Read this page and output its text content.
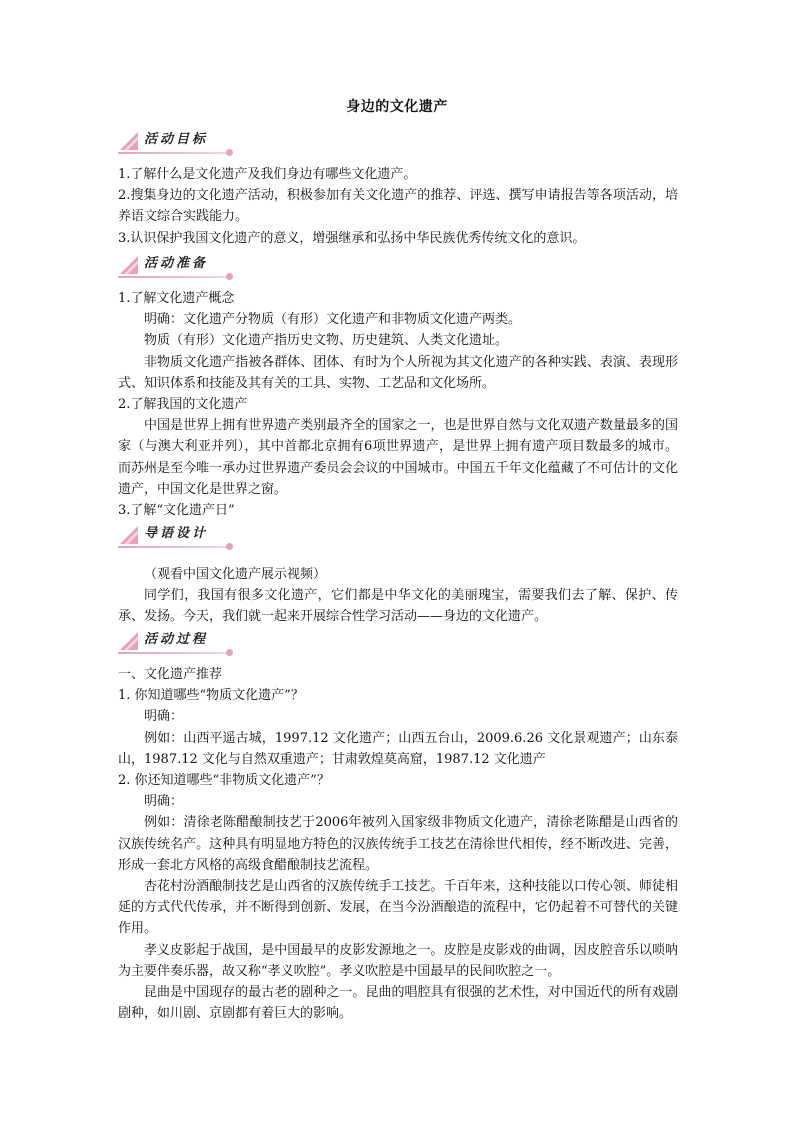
身边的文化遗产
活动目标

1.了解什么是文化遗产及我们身边有哪些文化遗产。

2.搜集身边的文化遗产活动，积极参加有关文化遗产的推荐、评选、撰写申请报告等各项活动，培养语文综合实践能力。

3.认识保护我国文化遗产的意义，增强继承和弘扬中华民族优秀传统文化的意识。

活动准备

1.了解文化遗产概念

明确：文化遗产分物质（有形）文化遗产和非物质文化遗产两类。

物质（有形）文化遗产指历史文物、历史建筑、人类文化遗址。

非物质文化遗产指被各群体、团体、有时为个人所视为其文化遗产的各种实践、表演、表现形式、知识体系和技能及其有关的工具、实物、工艺品和文化场所。

2.了解我国的文化遗产

中国是世界上拥有世界遗产类别最齐全的国家之一，也是世界自然与文化双遗产数量最多的国家（与澳大利亚并列），其中首都北京拥有6项世界遗产，是世界上拥有遗产项目数最多的城市。而苏州是至今唯一承办过世界遗产委员会会议的中国城市。中国五千年文化蕴藏了不可估计的文化遗产，中国文化是世界之窗。

3.了解“文化遗产日”

导语设计

（观看中国文化遗产展示视频）

同学们，我国有很多文化遗产，它们都是中华文化的美丽瑰宝，需要我们去了解、保护、传承、发扬。今天，我们就一起来开展综合性学习活动——身边的文化遗产。

活动过程

一、文化遗产推荐

1. 你知道哪些“物质文化遗产”？

明确：

例如：山西平遥古城，1997.12 文化遗产；山西五台山，2009.6.26 文化景观遗产；山东泰山，1987.12 文化与自然双重遗产；甘肃敦煌莫高窟，1987.12 文化遗产

2. 你还知道哪些“非物质文化遗产”？

明确：

例如：清徐老陈醋酿制技艺于2006年被列入国家级非物质文化遗产，清徐老陈醋是山西省的汉族传统名产。这种具有明显地方特色的汉族传统手工技艺在清徐世代相传，经不断改进、完善，形成一套北方风格的高级食醋酿制技艺流程。

杏花村汾酒酿制技艺是山西省的汉族传统手工技艺。千百年来，这种技能以口传心领、师徒相延的方式代代传承，并不断得到创新、发展，在当今汾酒酿造的流程中，它仍起着不可替代的关键作用。

孝义皮影起于战国，是中国最早的皮影发源地之一。皮腔是皮影戏的曲调，因皮腔音乐以唢呐为主要伴奏乐器，故又称“孝义吹腔”。孝义吹腔是中国最早的民间吹腔之一。

昆曲是中国现存的最古老的剧种之一。昆曲的唱腔具有很强的艺术性，对中国近代的所有戏剧剧种，如川剧、京剧都有着巨大的影响。
